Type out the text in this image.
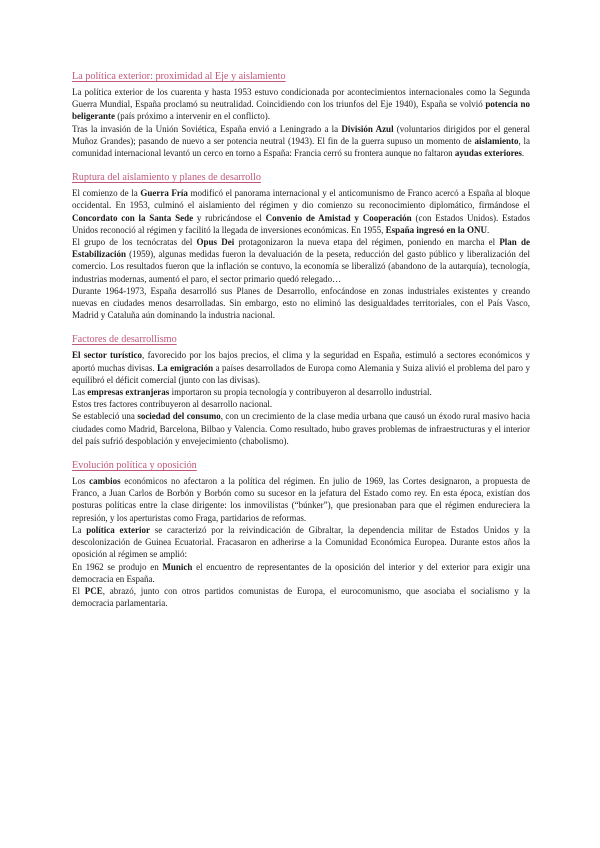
La política exterior: proximidad al Eje y aislamiento

La política exterior de los cuarenta y hasta 1953 estuvo condicionada por acontecimientos internacionales como la Segunda Guerra Mundial, España proclamó su neutralidad. Coincidiendo con los triunfos del Eje 1940), España se volvió potencia no beligerante (país próximo a intervenir en el conflicto).

Tras la invasión de la Unión Soviética, España envió a Leningrado a la División Azul (voluntarios dirigidos por el general Muñoz Grandes); pasando de nuevo a ser potencia neutral (1943). El fin de la guerra supuso un momento de aislamiento, la comunidad internacional levantó un cerco en torno a España: Francia cerró su frontera aunque no faltaron ayudas exteriores.

Ruptura del aislamiento y planes de desarrollo

El comienzo de la Guerra Fría modificó el panorama internacional y el anticomunismo de Franco acercó a España al bloque occidental. En 1953, culminó el aislamiento del régimen y dio comienzo su reconocimiento diplomático, firmándose el Concordato con la Santa Sede y rubricándose el Convenio de Amistad y Cooperación (con Estados Unidos). Estados Unidos reconoció al régimen y facilitó la llegada de inversiones económicas. En 1955, España ingresó en la ONU.

El grupo de los tecnócratas del Opus Dei protagonizaron la nueva etapa del régimen, poniendo en marcha el Plan de Estabilización (1959), algunas medidas fueron la devaluación de la peseta, reducción del gasto público y liberalización del comercio. Los resultados fueron que la inflación se contuvo, la economía se liberalizó (abandono de la autarquía), tecnología, industrias modernas, aumentó el paro, el sector primario quedó relegado…

Durante 1964-1973, España desarrolló sus Planes de Desarrollo, enfocándose en zonas industriales existentes y creando nuevas en ciudades menos desarrolladas. Sin embargo, esto no eliminó las desigualdades territoriales, con el País Vasco, Madrid y Cataluña aún dominando la industria nacional.

Factores de desarrollismo

El sector turístico, favorecido por los bajos precios, el clima y la seguridad en España, estimuló a sectores económicos y aportó muchas divisas. La emigración a países desarrollados de Europa como Alemania y Suiza alivió el problema del paro y equilibró el déficit comercial (junto con las divisas).

Las empresas extranjeras importaron su propia tecnología y contribuyeron al desarrollo industrial.

Estos tres factores contribuyeron al desarrollo nacional.

Se estableció una sociedad del consumo, con un crecimiento de la clase media urbana que causó un éxodo rural masivo hacia ciudades como Madrid, Barcelona, Bilbao y Valencia. Como resultado, hubo graves problemas de infraestructuras y el interior del país sufrió despoblación y envejecimiento (chabolismo).

Evolución política y oposición

Los cambios económicos no afectaron a la política del régimen. En julio de 1969, las Cortes designaron, a propuesta de Franco, a Juan Carlos de Borbón y Borbón como su sucesor en la jefatura del Estado como rey. En esta época, existían dos posturas políticas entre la clase dirigente: los inmovilistas (“búnker”), que presionaban para que el régimen endureciera la represión, y los aperturistas como Fraga, partidarios de reformas.

La política exterior se caracterizó por la reivindicación de Gibraltar, la dependencia militar de Estados Unidos y la descolonización de Guinea Ecuatorial. Fracasaron en adherirse a la Comunidad Económica Europea. Durante estos años la oposición al régimen se amplió:

En 1962 se produjo en Munich el encuentro de representantes de la oposición del interior y del exterior para exigir una democracia en España.

El PCE, abrazó, junto con otros partidos comunistas de Europa, el eurocomunismo, que asociaba el socialismo y la democracia parlamentaria.
